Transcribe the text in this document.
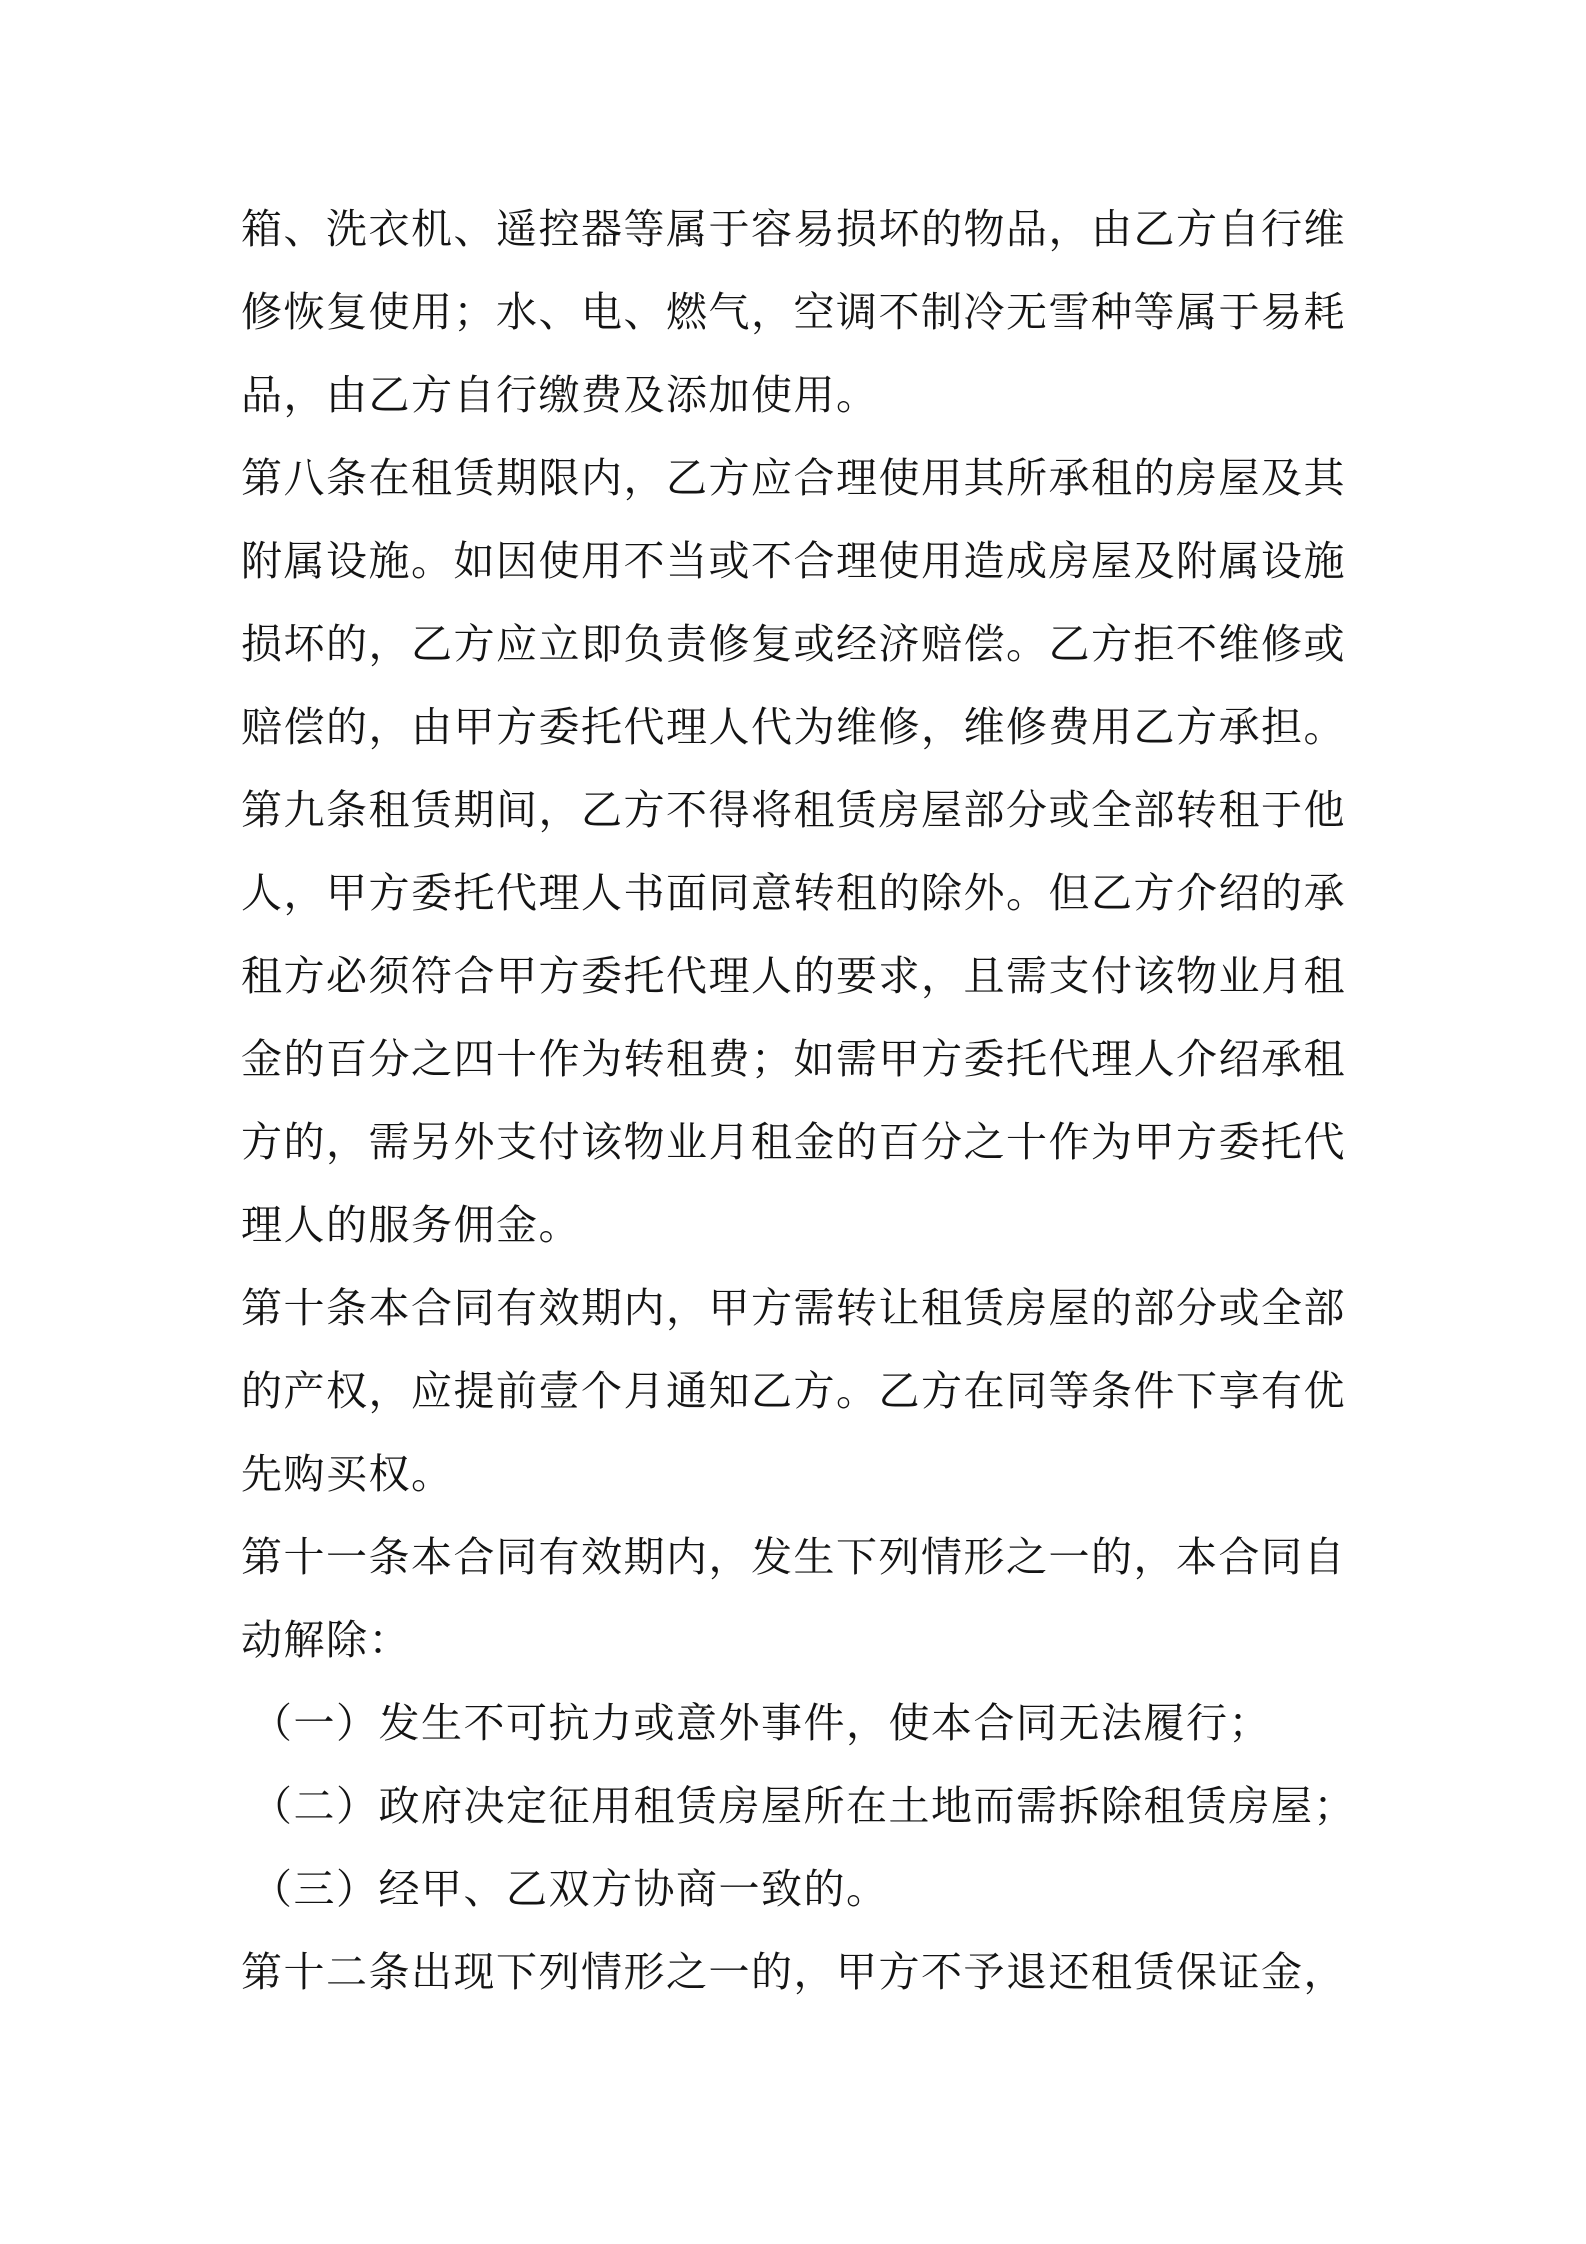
箱、洗衣机、遥控器等属于容易损坏的物品，由乙方自行维
修恢复使用；水、电、燃气，空调不制冷无雪种等属于易耗
品，由乙方自行缴费及添加使用。
第八条在租赁期限内，乙方应合理使用其所承租的房屋及其
附属设施。如因使用不当或不合理使用造成房屋及附属设施
损坏的，乙方应立即负责修复或经济赔偿。乙方拒不维修或
赔偿的，由甲方委托代理人代为维修，维修费用乙方承担。
第九条租赁期间，乙方不得将租赁房屋部分或全部转租于他
人，甲方委托代理人书面同意转租的除外。但乙方介绍的承
租方必须符合甲方委托代理人的要求，且需支付该物业月租
金的百分之四十作为转租费；如需甲方委托代理人介绍承租
方的，需另外支付该物业月租金的百分之十作为甲方委托代
理人的服务佣金。
第十条本合同有效期内，甲方需转让租赁房屋的部分或全部
的产权，应提前壹个月通知乙方。乙方在同等条件下享有优
先购买权。
第十一条本合同有效期内，发生下列情形之一的，本合同自
动解除：
（一）发生不可抗力或意外事件，使本合同无法履行；
（二）政府决定征用租赁房屋所在土地而需拆除租赁房屋；
（三）经甲、乙双方协商一致的。
第十二条出现下列情形之一的，甲方不予退还租赁保证金，
